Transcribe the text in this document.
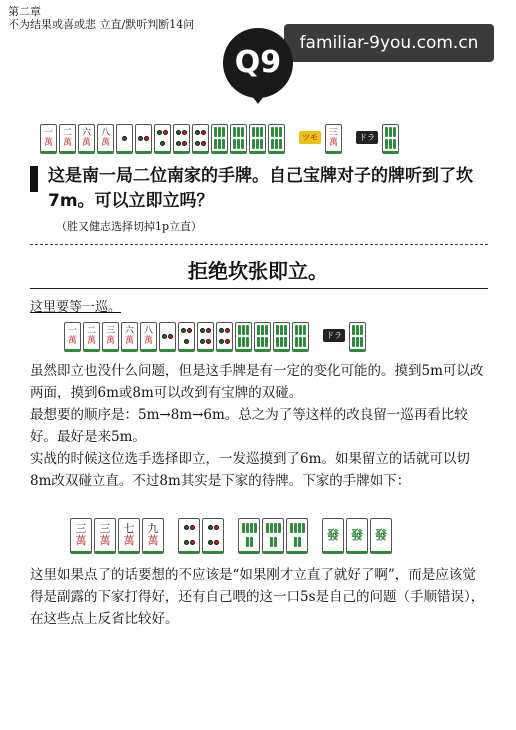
第二章
不为结果或喜或悲 立直/默听判断14问
familiar-9you.com.cn
Q9
一
萬
二
萬
六
萬
八
萬
ツモ	三
萬
ドラ
这是南一局二位南家的手牌。自己宝牌对子的牌听到了坎7m。可以立即立吗？
（胜又健志选择切掉1p立直）
拒绝坎张即立。
这里要等一巡。
一
萬
二
萬
三
萬
六
萬
八
萬
ドラ
虽然即立也没什么问题，但是这手牌是有一定的变化可能的。摸到5m可以改两面，摸到6m或8m可以改到有宝牌的双碰。
最想要的顺序是：5m→8m→6m。总之为了等这样的改良留一巡再看比较好。最好是来5m。
实战的时候这位选手选择即立，一发巡摸到了6m。如果留立的话就可以切8m改双碰立直。不过8m其实是下家的待牌。下家的手牌如下：
三
萬
三
萬
七
萬
九
萬	發 發 發
这里如果点了的话要想的不应该是“如果刚才立直了就好了啊”，而是应该觉得是副露的下家打得好，还有自己喂的这一口5s是自己的问题（手顺错误），在这些点上反省比较好。
